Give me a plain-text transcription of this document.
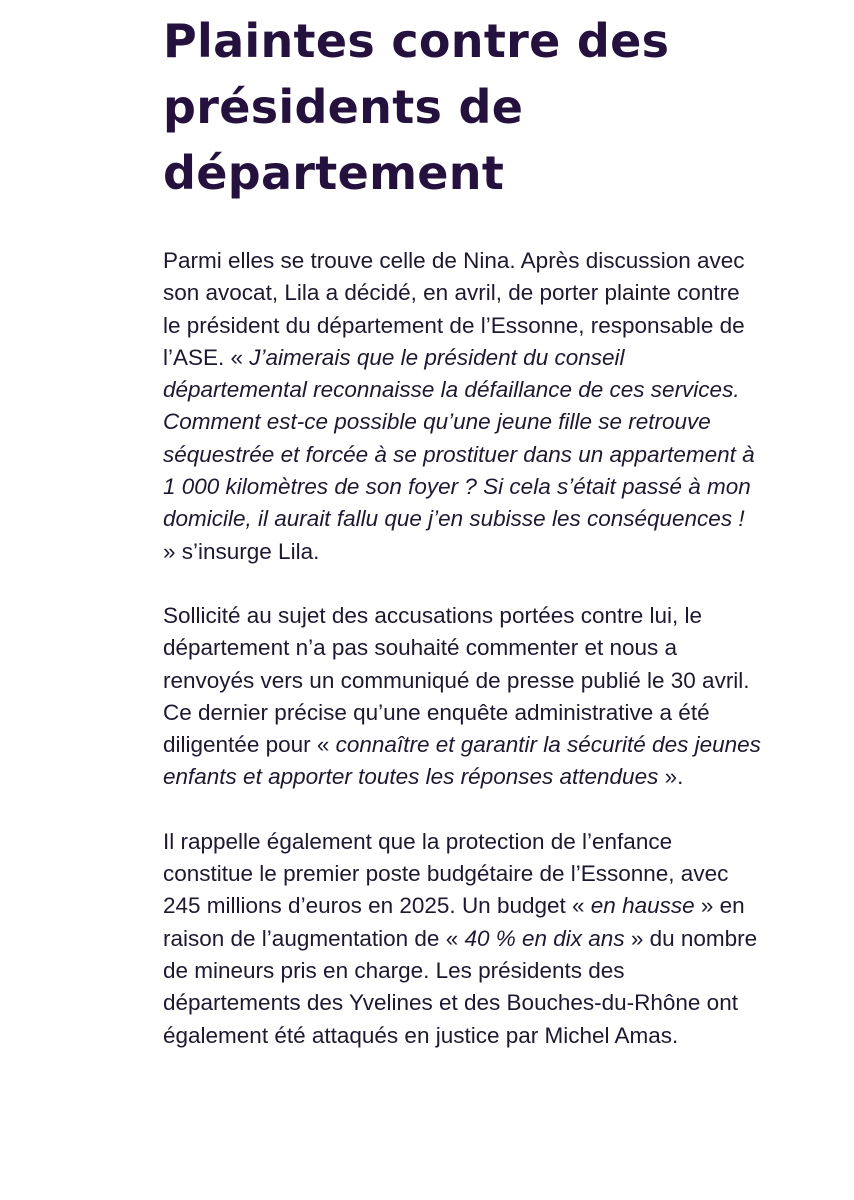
Plaintes contre des présidents de département

Parmi elles se trouve celle de Nina. Après discussion avec son avocat, Lila a décidé, en avril, de porter plainte contre le président du département de l’Essonne, responsable de l’ASE. « J’aimerais que le président du conseil départemental reconnaisse la défaillance de ces services. Comment est-ce possible qu’une jeune fille se retrouve séquestrée et forcée à se prostituer dans un appartement à 1 000 kilomètres de son foyer ? Si cela s’était passé à mon domicile, il aurait fallu que j’en subisse les conséquences ! » s’insurge Lila.

Sollicité au sujet des accusations portées contre lui, le département n’a pas souhaité commenter et nous a renvoyés vers un communiqué de presse publié le 30 avril. Ce dernier précise qu’une enquête administrative a été diligentée pour « connaître et garantir la sécurité des jeunes enfants et apporter toutes les réponses attendues ».

Il rappelle également que la protection de l’enfance constitue le premier poste budgétaire de l’Essonne, avec 245 millions d’euros en 2025. Un budget « en hausse » en raison de l’augmentation de « 40 % en dix ans » du nombre de mineurs pris en charge. Les présidents des départements des Yvelines et des Bouches-du-Rhône ont également été attaqués en justice par Michel Amas.
